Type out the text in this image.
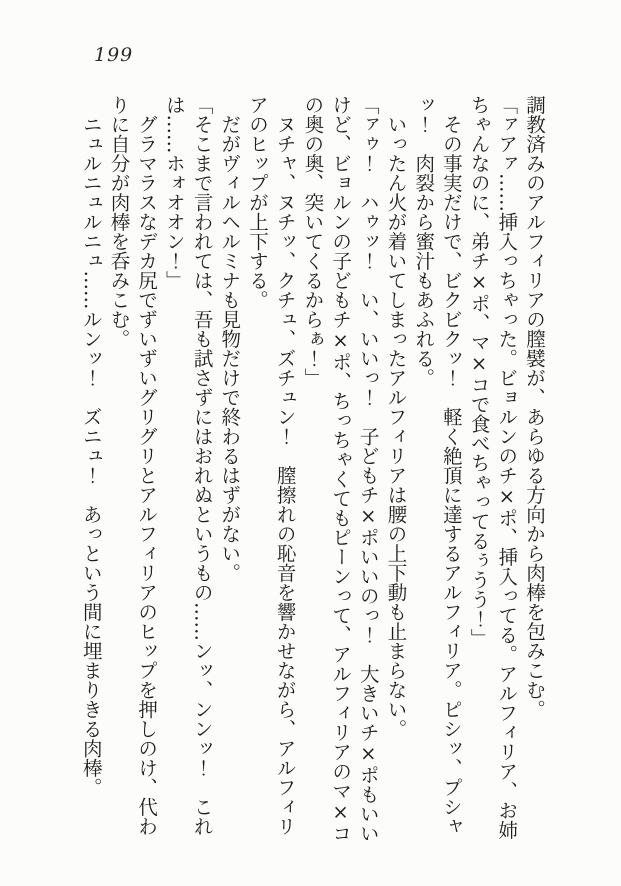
199
調教済みのアルフィリアの膣襞が、あらゆる方向から肉棒を包みこむ。
「ァアァ……挿入っちゃった。ビョルンのチ×ポ、挿入ってる。アルフィリア、お姉
ちゃんなのに、弟チ×ポ、マ×コで食べちゃってるぅうう！」
　その事実だけで、ビクビクッ！　軽く絶頂に達するアルフィリア。ピシッ、プシャ
ッ！　肉裂から蜜汁もあふれる。
　いったん火が着いてしまったアルフィリアは腰の上下動も止まらない。
「ァゥ！　ハゥッ！　い、いいっ！　子どもチ×ポいいのっ！　大きいチ×ポもいい
けど、ビョルンの子どもチ×ポ、ちっちゃくてもピーンって、アルフィリアのマ×コ
の奥の奥、突いてくるからぁ！」
　ヌチャ、ヌチッ、クチュ、ズチュン！　膣擦れの恥音を響かせながら、アルフィリ
アのヒップが上下する。
　だがヴィルヘルミナも見物だけで終わるはずがない。
「そこまで言われては、吾も試さずにはおれぬというもの……ンッ、ンンッ！　これ
は……ホォオオン！」
　グラマラスなデカ尻でずいずいグリグリとアルフィリアのヒップを押しのけ、代わ
りに自分が肉棒を呑みこむ。
　ニュルニュルニュ……ルンッ！　ズニュ！　あっという間に埋まりきる肉棒。
